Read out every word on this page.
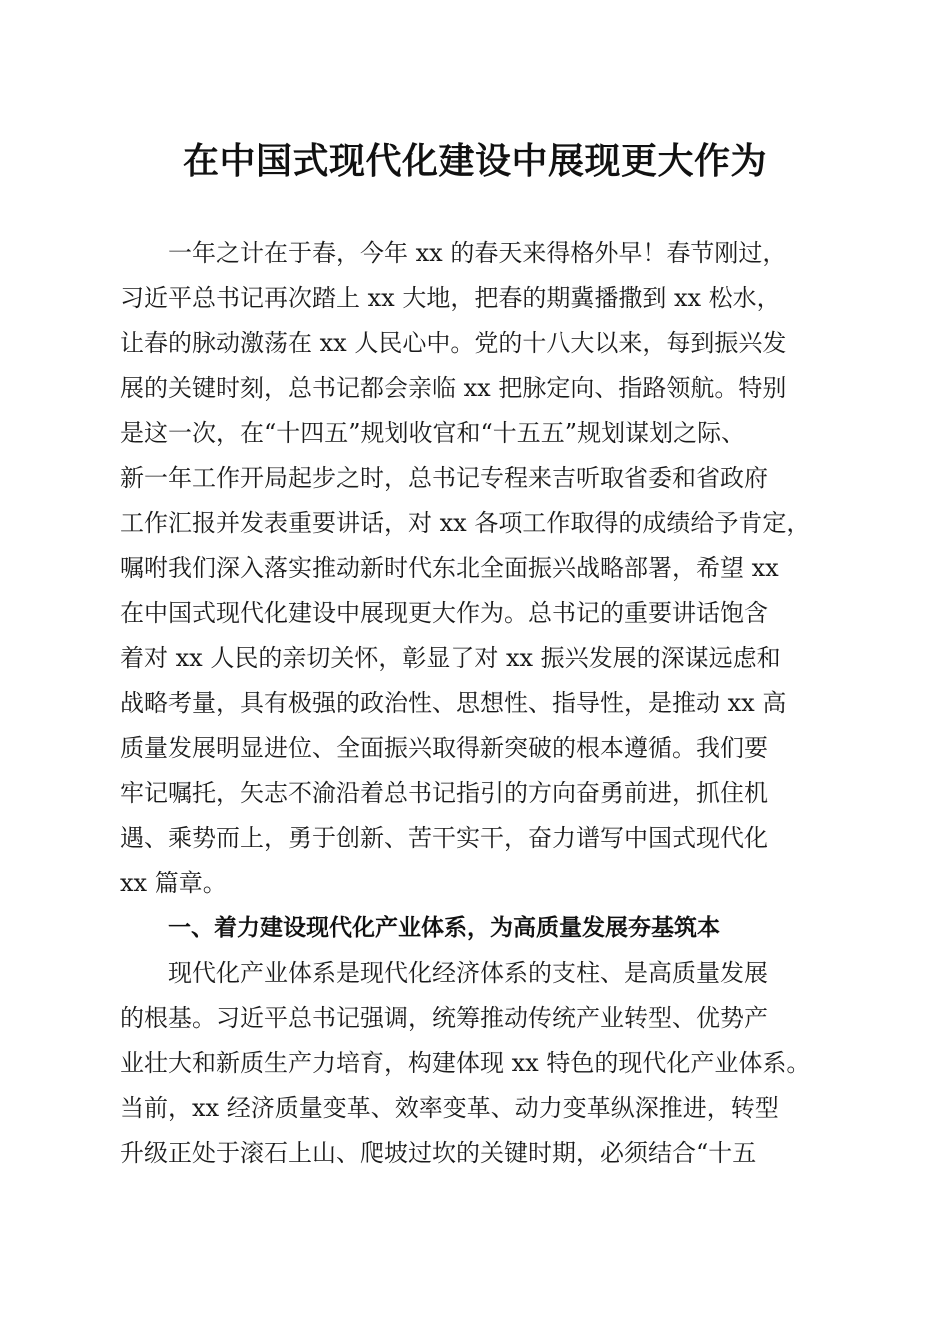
在中国式现代化建设中展现更大作为
一年之计在于春，今年 xx 的春天来得格外早！春节刚过，
习近平总书记再次踏上 xx 大地，把春的期冀播撒到 xx 松水，
让春的脉动激荡在 xx 人民心中。党的十八大以来，每到振兴发
展的关键时刻，总书记都会亲临 xx 把脉定向、指路领航。特别
是这一次，在“十四五”规划收官和“十五五”规划谋划之际、
新一年工作开局起步之时，总书记专程来吉听取省委和省政府
工作汇报并发表重要讲话，对 xx 各项工作取得的成绩给予肯定，
嘱咐我们深入落实推动新时代东北全面振兴战略部署，希望 xx
在中国式现代化建设中展现更大作为。总书记的重要讲话饱含
着对 xx 人民的亲切关怀，彰显了对 xx 振兴发展的深谋远虑和
战略考量，具有极强的政治性、思想性、指导性，是推动 xx 高
质量发展明显进位、全面振兴取得新突破的根本遵循。我们要
牢记嘱托，矢志不渝沿着总书记指引的方向奋勇前进，抓住机
遇、乘势而上，勇于创新、苦干实干，奋力谱写中国式现代化
xx 篇章。
一、着力建设现代化产业体系，为高质量发展夯基筑本
现代化产业体系是现代化经济体系的支柱、是高质量发展
的根基。习近平总书记强调，统筹推动传统产业转型、优势产
业壮大和新质生产力培育，构建体现 xx 特色的现代化产业体系。
当前，xx 经济质量变革、效率变革、动力变革纵深推进，转型
升级正处于滚石上山、爬坡过坎的关键时期，必须结合“十五
